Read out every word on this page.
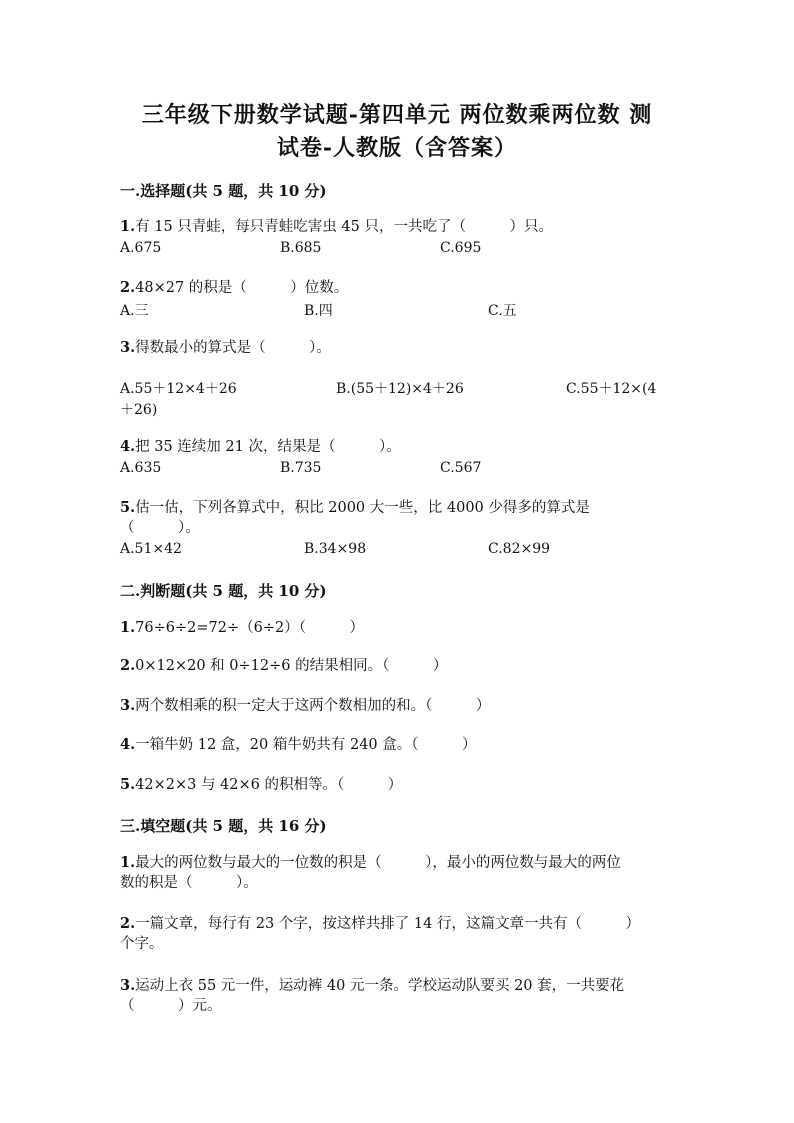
三年级下册数学试题-第四单元 两位数乘两位数 测
试卷-人教版（含答案）
一.选择题(共 5 题，共 10 分)
1.有 15 只青蛙，每只青蛙吃害虫 45 只，一共吃了（　　　）只。
A.675	B.685	C.695
2.48×27 的积是（　　　）位数。
A.三	B.四	C.五
3.得数最小的算式是（　　　）。
A.55＋12×4＋26	B.(55＋12)×4＋26	C.55＋12×(4
＋26)
4.把 35 连续加 21 次，结果是（　　　）。
A.635	B.735	C.567
5.估一估，下列各算式中，积比 2000 大一些，比 4000 少得多的算式是
（　　　）。
A.51×42	B.34×98	C.82×99
二.判断题(共 5 题，共 10 分)
1.76÷6÷2=72÷（6÷2）（　　　）
2.0×12×20 和 0÷12÷6 的结果相同。（　　　）
3.两个数相乘的积一定大于这两个数相加的和。（　　　）
4.一箱牛奶 12 盒，20 箱牛奶共有 240 盒。（　　　）
5.42×2×3 与 42×6 的积相等。（　　　）
三.填空题(共 5 题，共 16 分)
1.最大的两位数与最大的一位数的积是（　　　），最小的两位数与最大的两位
数的积是（　　　）。
2.一篇文章，每行有 23 个字，按这样共排了 14 行，这篇文章一共有（　　　）
个字。
3.运动上衣 55 元一件，运动裤 40 元一条。学校运动队要买 20 套，一共要花
（　　　）元。
